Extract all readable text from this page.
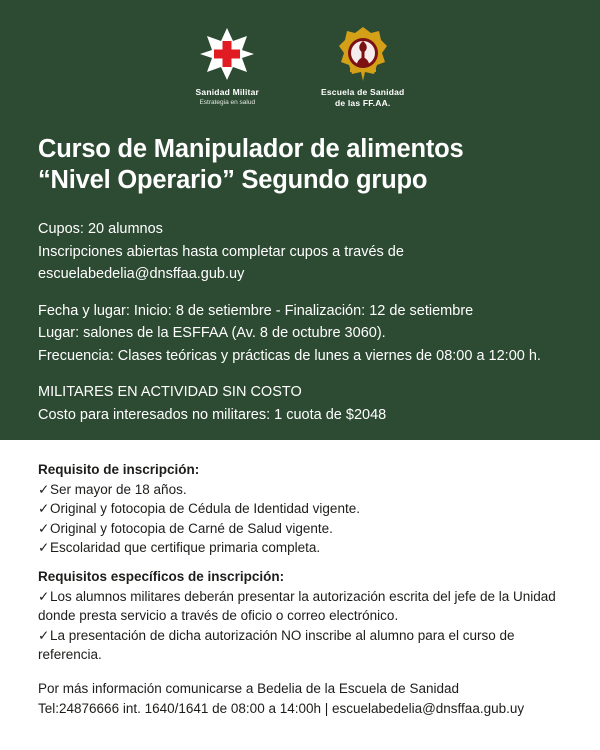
Sanidad Militar
Estrategia en salud
Escuela de Sanidad
de las FF.AA.
Curso de Manipulador de alimentos
“Nivel Operario” Segundo grupo
Cupos: 20 alumnos
Inscripciones abiertas hasta completar cupos a través de
escuelabedelia@dnsffaa.gub.uy
Fecha y lugar: Inicio: 8 de setiembre - Finalización: 12 de setiembre
Lugar: salones de la ESFFAA (Av. 8 de octubre 3060).
Frecuencia: Clases teóricas y prácticas de lunes a viernes de 08:00 a 12:00 h.
MILITARES EN ACTIVIDAD SIN COSTO
Costo para interesados no militares: 1 cuota de $2048
Requisito de inscripción:
✓Ser mayor de 18 años.
✓Original y fotocopia de Cédula de Identidad vigente.
✓Original y fotocopia de Carné de Salud vigente.
✓Escolaridad que certifique primaria completa.
Requisitos específicos de inscripción:
✓Los alumnos militares deberán presentar la autorización escrita del jefe de la Unidad donde presta servicio a través de oficio o correo electrónico.
✓La presentación de dicha autorización NO inscribe al alumno para el curso de referencia.
Por más información comunicarse a Bedelia de la Escuela de Sanidad
Tel:24876666 int. 1640/1641 de 08:00 a 14:00h | escuelabedelia@dnsffaa.gub.uy
